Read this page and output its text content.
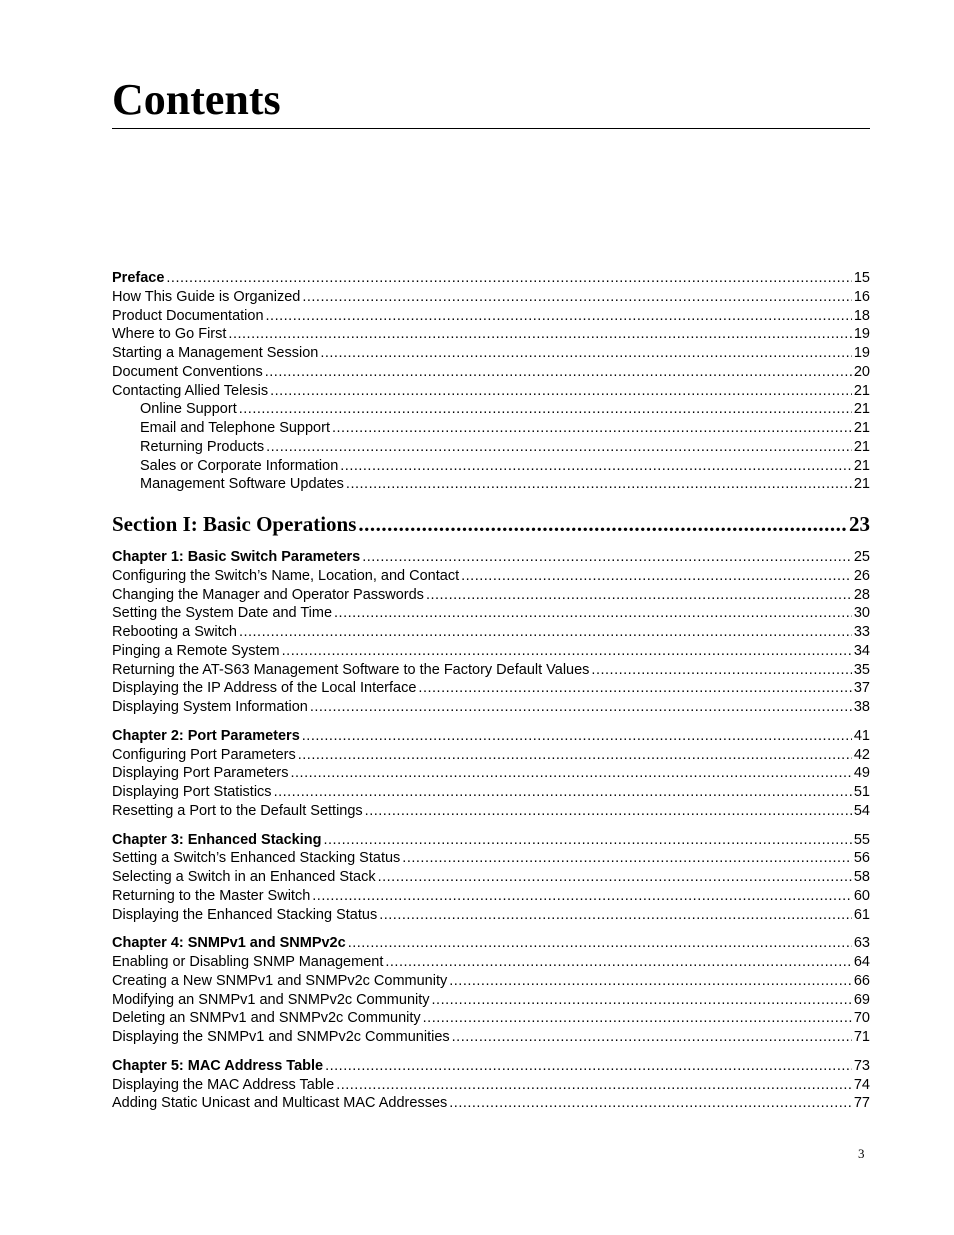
Contents
Preface .....	15
How This Guide is Organized .....	16
Product Documentation .....	18
Where to Go First .....	19
Starting a Management Session .....	19
Document Conventions .....	20
Contacting Allied Telesis .....	21
Online Support .....	21
Email and Telephone Support .....	21
Returning Products .....	21
Sales or Corporate Information .....	21
Management Software Updates .....	21
Section I: Basic Operations .....	23
Chapter 1: Basic Switch Parameters .....	25
Configuring the Switch’s Name, Location, and Contact .....	26
Changing the Manager and Operator Passwords .....	28
Setting the System Date and Time .....	30
Rebooting a Switch .....	33
Pinging a Remote System .....	34
Returning the AT-S63 Management Software to the Factory Default Values .....	35
Displaying the IP Address of the Local Interface .....	37
Displaying System Information .....	38
Chapter 2: Port Parameters .....	41
Configuring Port Parameters .....	42
Displaying Port Parameters .....	49
Displaying Port Statistics .....	51
Resetting a Port to the Default Settings .....	54
Chapter 3: Enhanced Stacking .....	55
Setting a Switch’s Enhanced Stacking Status .....	56
Selecting a Switch in an Enhanced Stack .....	58
Returning to the Master Switch .....	60
Displaying the Enhanced Stacking Status .....	61
Chapter 4: SNMPv1 and SNMPv2c .....	63
Enabling or Disabling SNMP Management .....	64
Creating a New SNMPv1 and SNMPv2c Community .....	66
Modifying an SNMPv1 and SNMPv2c Community .....	69
Deleting an SNMPv1 and SNMPv2c Community .....	70
Displaying the SNMPv1 and SNMPv2c Communities .....	71
Chapter 5: MAC Address Table .....	73
Displaying the MAC Address Table .....	74
Adding Static Unicast and Multicast MAC Addresses .....	77
3
